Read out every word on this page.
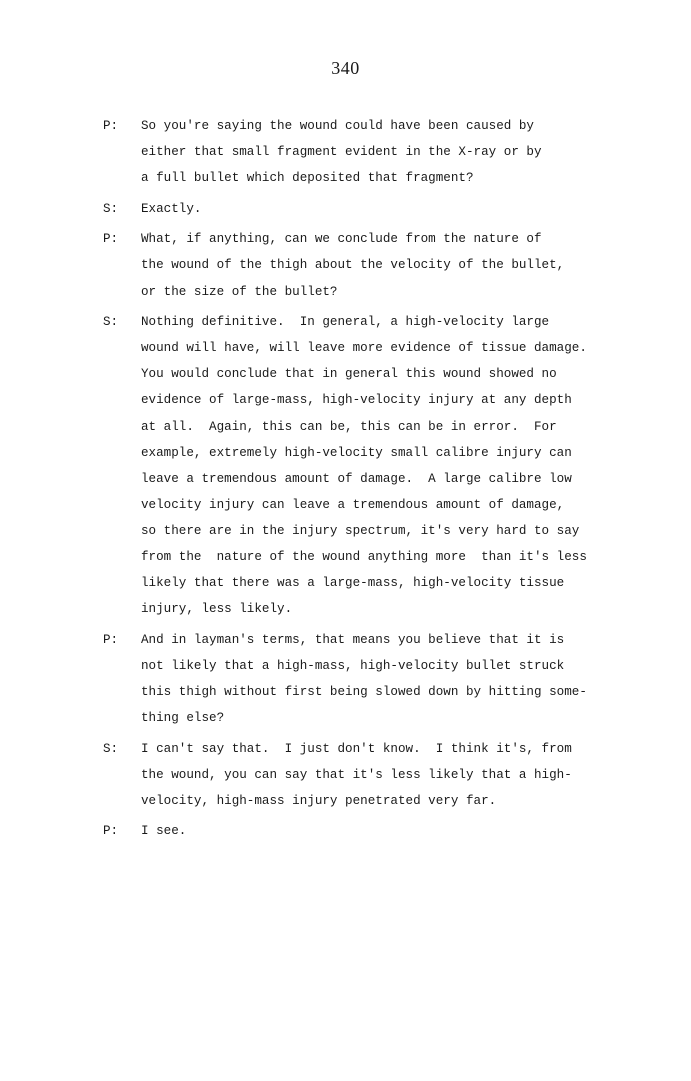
340
P: So you're saying the wound could have been caused by
either that small fragment evident in the X-ray or by
a full bullet which deposited that fragment?
S: Exactly.
P: What, if anything, can we conclude from the nature of
the wound of the thigh about the velocity of the bullet,
or the size of the bullet?
S: Nothing definitive.  In general, a high-velocity large
wound will have, will leave more evidence of tissue damage.
You would conclude that in general this wound showed no
evidence of large-mass, high-velocity injury at any depth
at all.  Again, this can be, this can be in error.  For
example, extremely high-velocity small calibre injury can
leave a tremendous amount of damage.  A large calibre low
velocity injury can leave a tremendous amount of damage,
so there are in the injury spectrum, it's very hard to say
from the  nature of the wound anything more  than it's less
likely that there was a large-mass, high-velocity tissue
injury, less likely.
P: And in layman's terms, that means you believe that it is
not likely that a high-mass, high-velocity bullet struck
this thigh without first being slowed down by hitting some-
thing else?
S: I can't say that.  I just don't know.  I think it's, from
the wound, you can say that it's less likely that a high-
velocity, high-mass injury penetrated very far.
P: I see.
